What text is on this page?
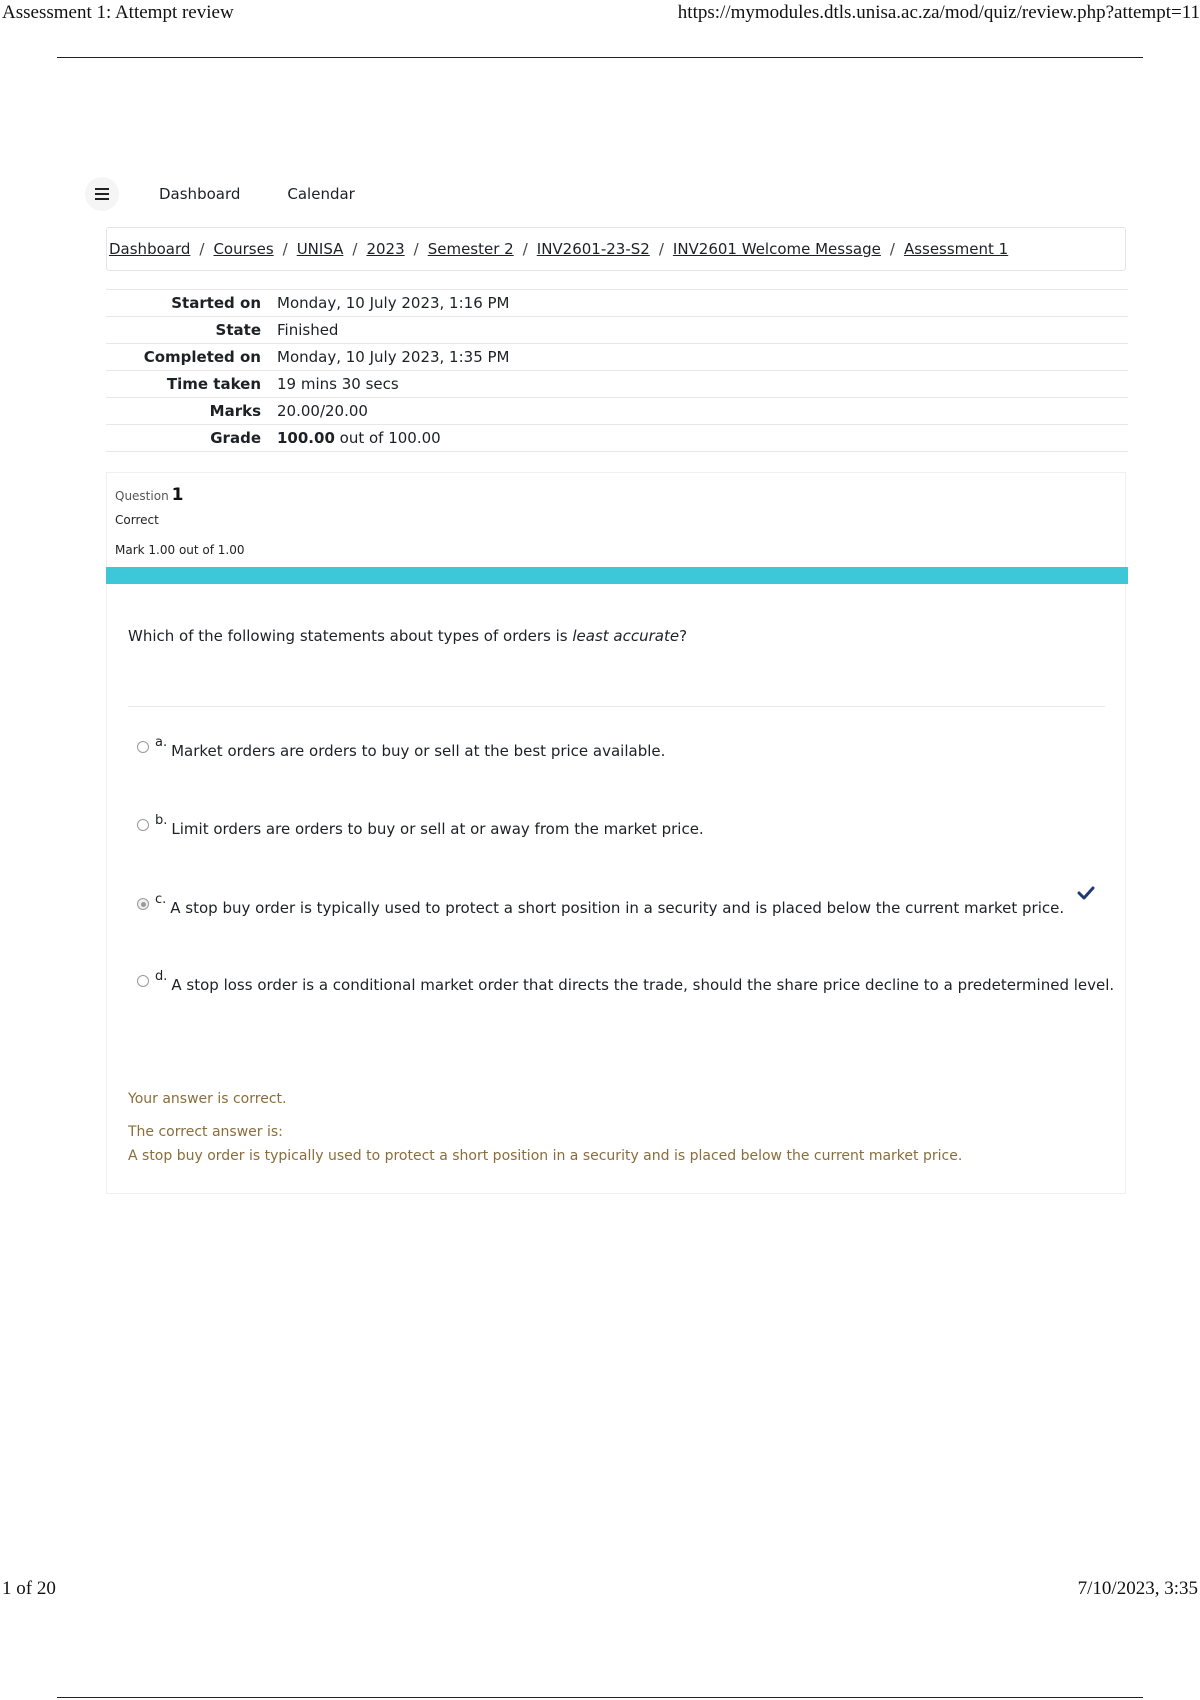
Assessment 1: Attempt review	https://mymodules.dtls.unisa.ac.za/mod/quiz/review.php?attempt=11
Dashboard	Calendar
Dashboard / Courses / UNISA / 2023 / Semester 2 / INV2601-23-S2 / INV2601 Welcome Message / Assessment 1
Started on	Monday, 10 July 2023, 1:16 PM
State	Finished
Completed on	Monday, 10 July 2023, 1:35 PM
Time taken	19 mins 30 secs
Marks	20.00/20.00
Grade	100.00 out of 100.00
Question 1
Correct
Mark 1.00 out of 1.00
Which of the following statements about types of orders is least accurate?
a. Market orders are orders to buy or sell at the best price available.
b. Limit orders are orders to buy or sell at or away from the market price.
c. A stop buy order is typically used to protect a short position in a security and is placed below the current market price.
d. A stop loss order is a conditional market order that directs the trade, should the share price decline to a predetermined level.
Your answer is correct.
The correct answer is:
A stop buy order is typically used to protect a short position in a security and is placed below the current market price.
1 of 20	7/10/2023, 3:35
